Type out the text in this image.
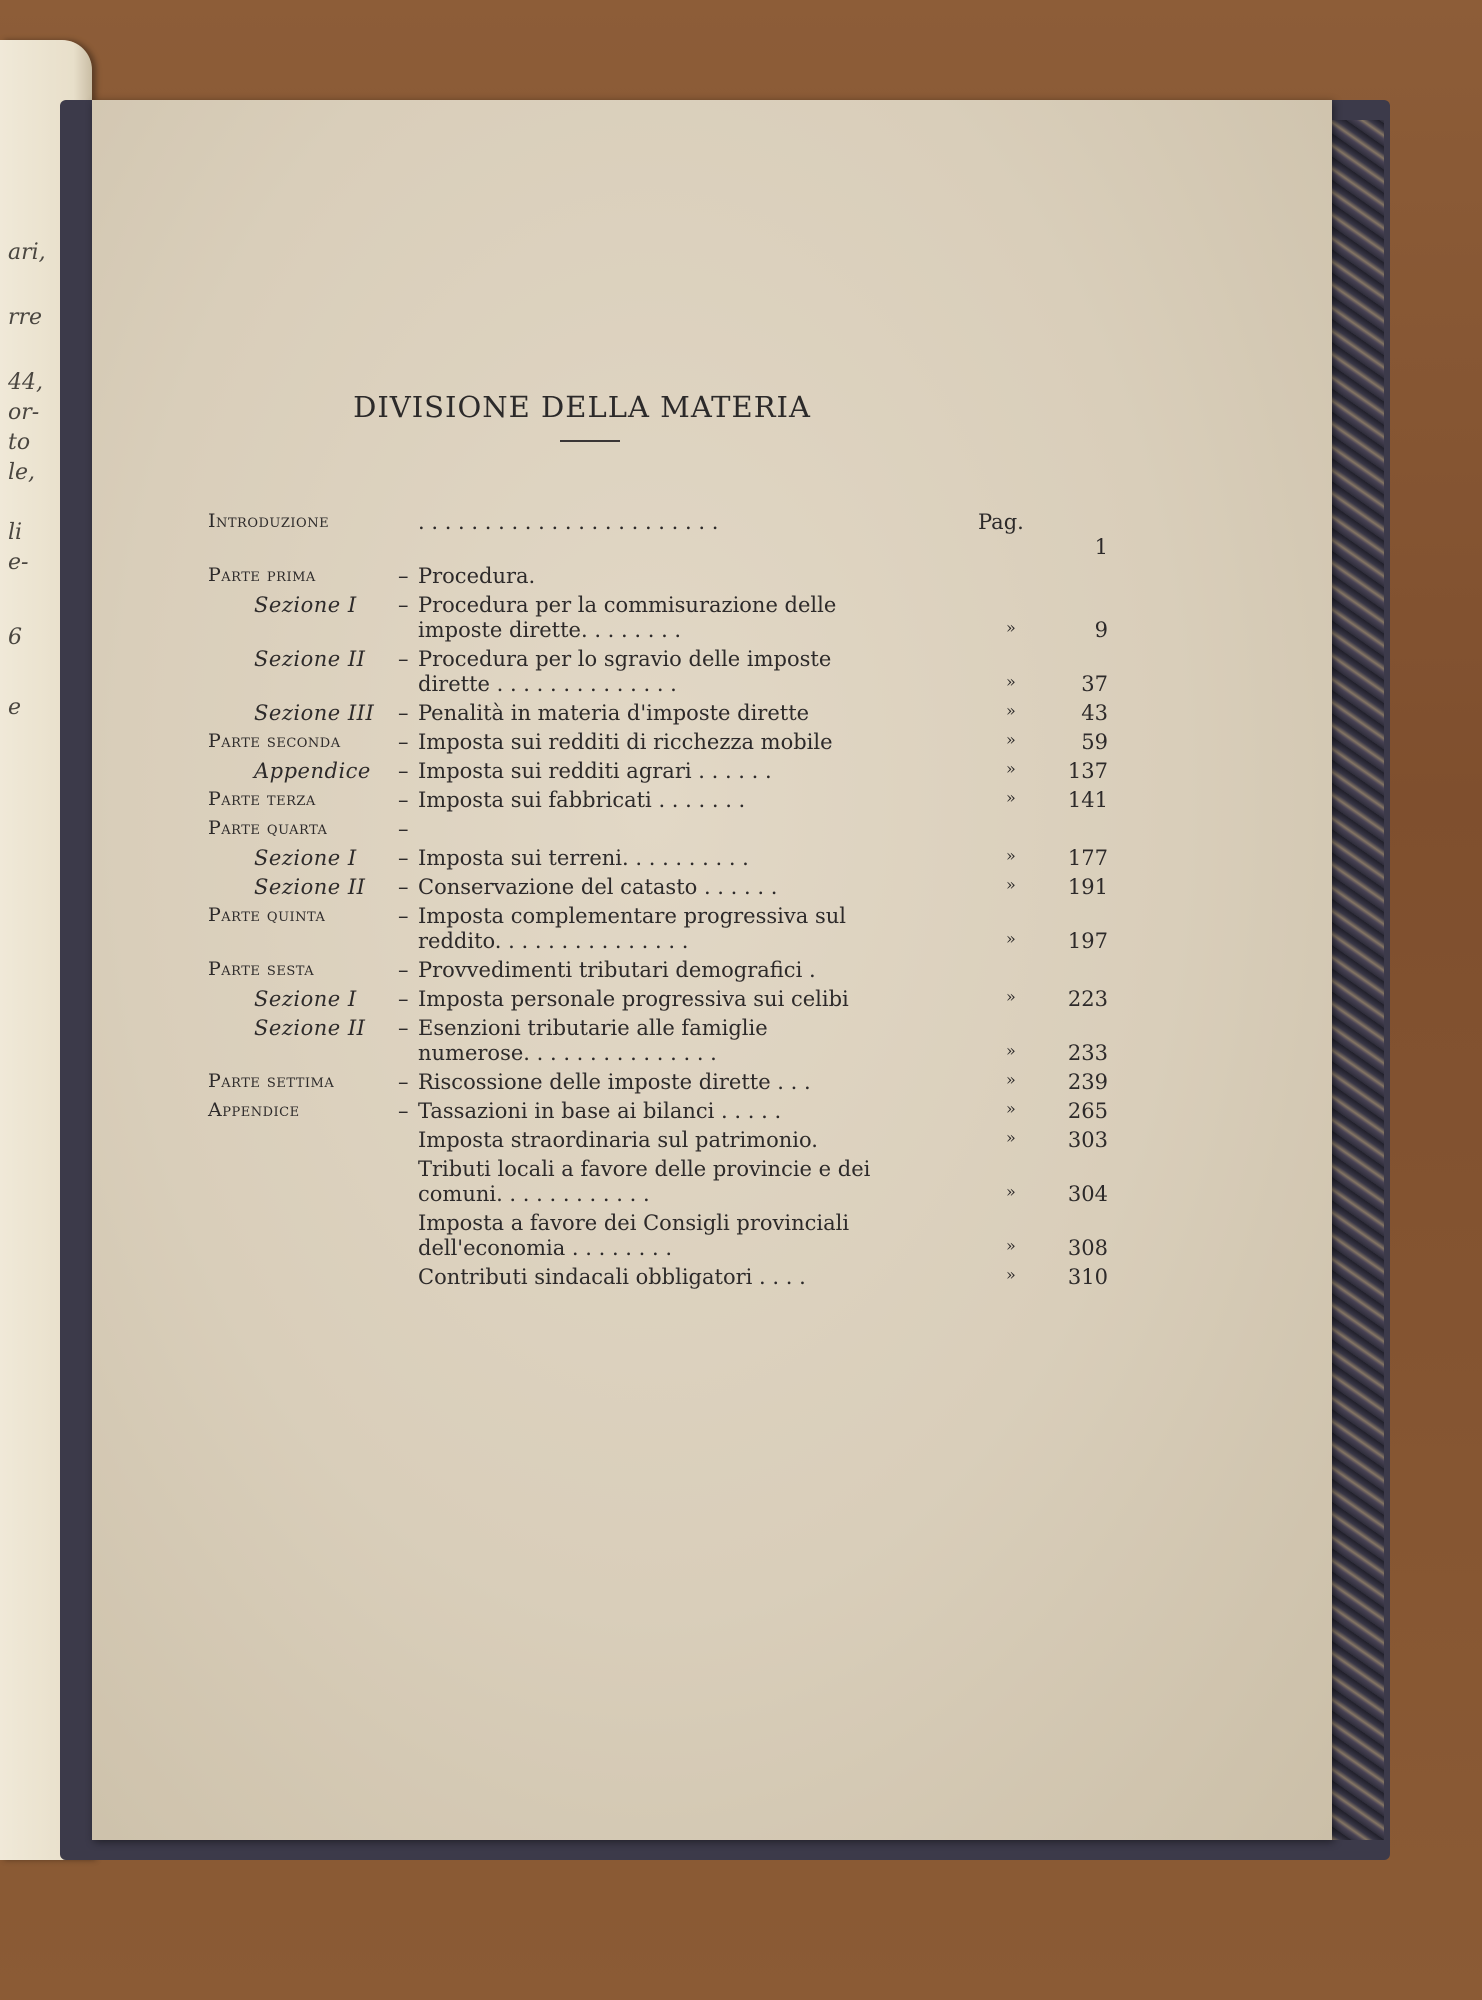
ari,
rre
44,
or-
to
le,
li
e-
6
e
DIVISIONE DELLA MATERIA
Introduzione	. . . . . . . . . . . . . . . . . . . . . . .	Pag.
1
Parte prima	– Procedura.
Sezione I – Procedura per la commisurazione delle imposte dirette. . . . . . . .	»	9
Sezione II – Procedura per lo sgravio delle imposte dirette . . . . . . . . . . . . . .	»	37
Sezione III – Penalità in materia d'imposte dirette	»	43
Parte seconda	– Imposta sui redditi di ricchezza mobile	»	59
Appendice – Imposta sui redditi agrari . . . . . .	»	137
Parte terza	– Imposta sui fabbricati . . . . . . .	»	141
Parte quarta	–
Sezione I – Imposta sui terreni. . . . . . . . . .	»	177
Sezione II – Conservazione del catasto . . . . . .	»	191
Parte quinta	– Imposta complementare progressiva sul reddito. . . . . . . . . . . . . . .	»	197
Parte sesta	– Provvedimenti tributari demografici .
Sezione I – Imposta personale progressiva sui celibi	»	223
Sezione II – Esenzioni tributarie alle famiglie numerose. . . . . . . . . . . . . . .	»	233
Parte settima	– Riscossione delle imposte dirette . . .	»	239
Appendice	– Tassazioni in base ai bilanci . . . . .	»	265
Imposta straordinaria sul patrimonio.	»	303
Tributi locali a favore delle provincie e dei comuni. . . . . . . . . . . .	»	304
Imposta a favore dei Consigli provinciali dell'economia . . . . . . . .	»	308
Contributi sindacali obbligatori . . . .	»	310
